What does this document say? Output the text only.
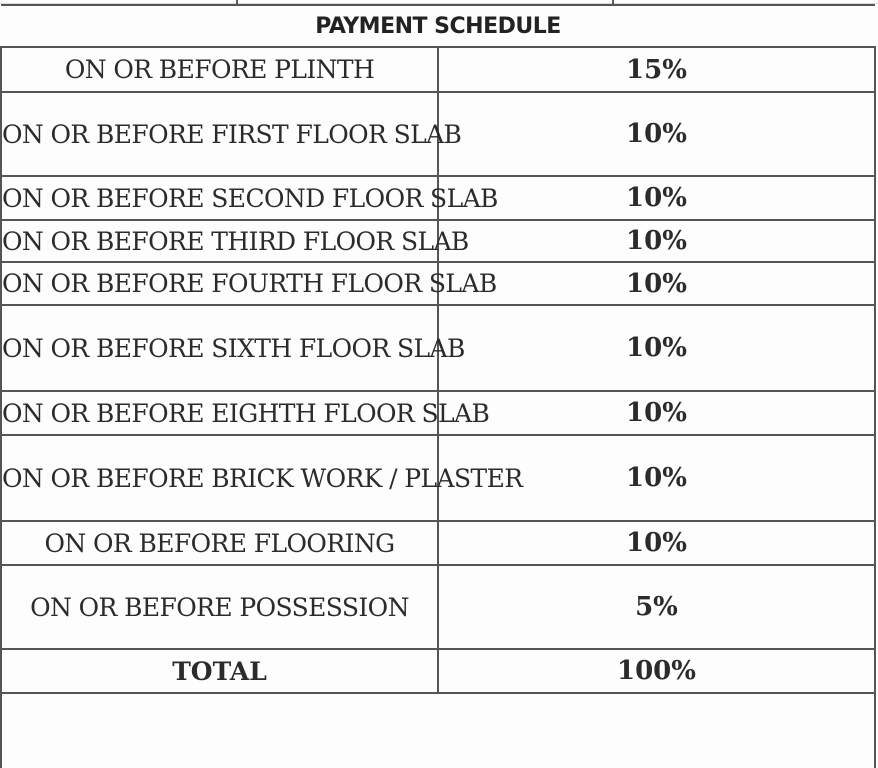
PAYMENT SCHEDULE	
ON OR BEFORE PLINTH	15%
ON OR BEFORE FIRST FLOOR SLAB	10%
ON OR BEFORE SECOND FLOOR SLAB	10%
ON OR BEFORE THIRD FLOOR SLAB	10%
ON OR BEFORE FOURTH FLOOR SLAB	10%
ON OR BEFORE SIXTH FLOOR SLAB	10%
ON OR BEFORE EIGHTH FLOOR SLAB	10%
ON OR BEFORE BRICK WORK / PLASTER	10%
ON OR BEFORE FLOORING	10%
ON OR BEFORE POSSESSION	5%
TOTAL	100%
